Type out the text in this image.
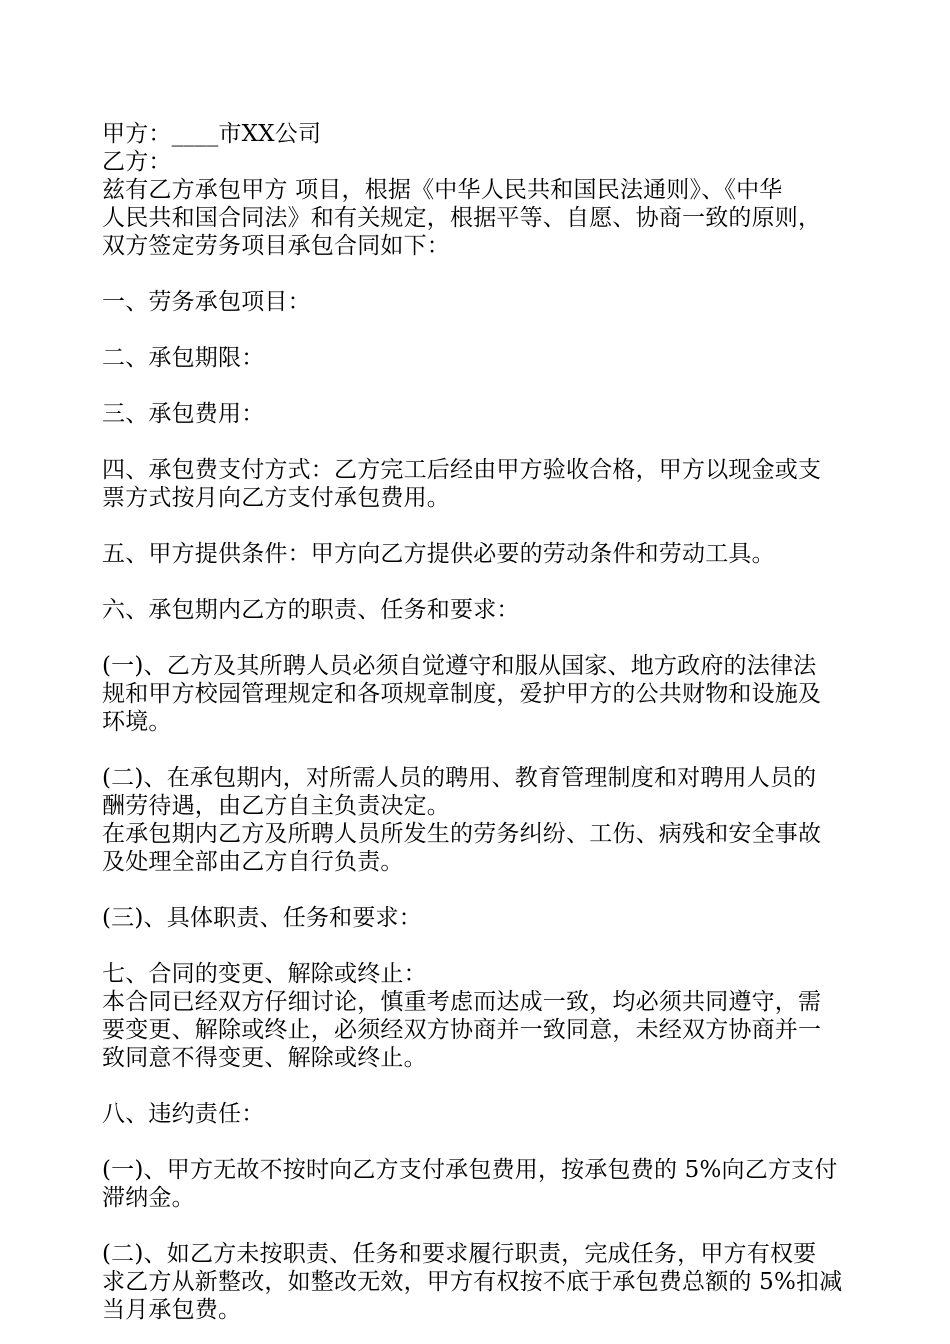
甲方：____市XX公司
乙方：
兹有乙方承包甲方 项目，根据《中华人民共和国民法通则》、《中华
人民共和国合同法》和有关规定，根据平等、自愿、协商一致的原则，
双方签定劳务项目承包合同如下：
一、劳务承包项目：
二、承包期限：
三、承包费用：
四、承包费支付方式：乙方完工后经由甲方验收合格，甲方以现金或支
票方式按月向乙方支付承包费用。
五、甲方提供条件：甲方向乙方提供必要的劳动条件和劳动工具。
六、承包期内乙方的职责、任务和要求：
(一)、乙方及其所聘人员必须自觉遵守和服从国家、地方政府的法律法
规和甲方校园管理规定和各项规章制度，爱护甲方的公共财物和设施及
环境。
(二)、在承包期内，对所需人员的聘用、教育管理制度和对聘用人员的
酬劳待遇，由乙方自主负责决定。
在承包期内乙方及所聘人员所发生的劳务纠纷、工伤、病残和安全事故
及处理全部由乙方自行负责。
(三)、具体职责、任务和要求：
七、合同的变更、解除或终止：
本合同已经双方仔细讨论，慎重考虑而达成一致，均必须共同遵守，需
要变更、解除或终止，必须经双方协商并一致同意，未经双方协商并一
致同意不得变更、解除或终止。
八、违约责任：
(一)、甲方无故不按时向乙方支付承包费用，按承包费的 5%向乙方支付
滞纳金。
(二)、如乙方未按职责、任务和要求履行职责，完成任务，甲方有权要
求乙方从新整改，如整改无效，甲方有权按不底于承包费总额的 5%扣减
当月承包费。
